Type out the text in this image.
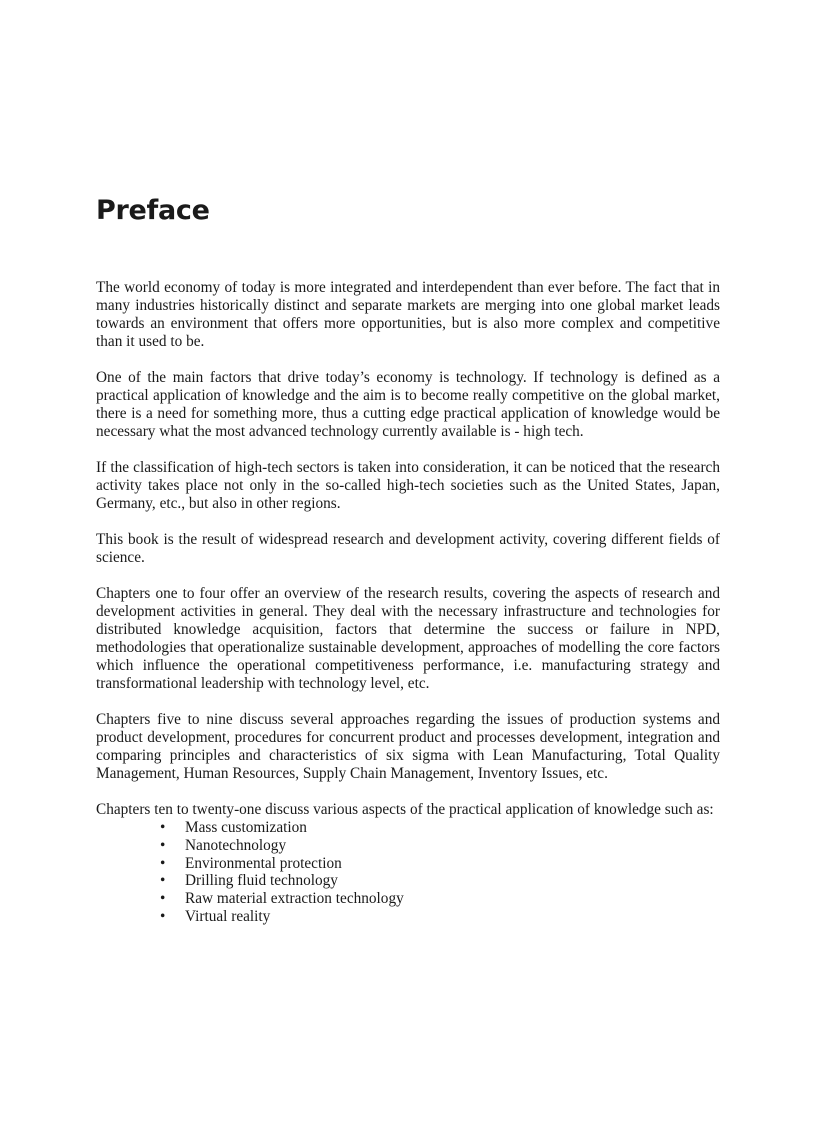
Preface

The world economy of today is more integrated and interdependent than ever before. The fact that in many industries historically distinct and separate markets are merging into one global market leads towards an environment that offers more opportunities, but is also more complex and competitive than it used to be.

One of the main factors that drive today’s economy is technology. If technology is defined as a practical application of knowledge and the aim is to become really competitive on the global market, there is a need for something more, thus a cutting edge practical application of knowledge would be necessary what the most advanced technology currently available is - high tech.

If the classification of high-tech sectors is taken into consideration, it can be noticed that the research activity takes place not only in the so-called high-tech societies such as the United States, Japan, Germany, etc., but also in other regions.

This book is the result of widespread research and development activity, covering different fields of science.

Chapters one to four offer an overview of the research results, covering the aspects of research and development activities in general. They deal with the necessary infrastructure and technologies for distributed knowledge acquisition, factors that determine the success or failure in NPD, methodologies that operationalize sustainable development, approaches of modelling the core factors which influence the operational competitiveness performance, i.e. manufacturing strategy and transformational leadership with technology level, etc.

Chapters five to nine discuss several approaches regarding the issues of production systems and product development, procedures for concurrent product and processes development, integration and comparing principles and characteristics of six sigma with Lean Manufacturing, Total Quality Management, Human Resources, Supply Chain Management, Inventory Issues, etc.

Chapters ten to twenty-one discuss various aspects of the practical application of knowledge such as:

• Mass customization
• Nanotechnology
• Environmental protection
• Drilling fluid technology
• Raw material extraction technology
• Virtual reality
